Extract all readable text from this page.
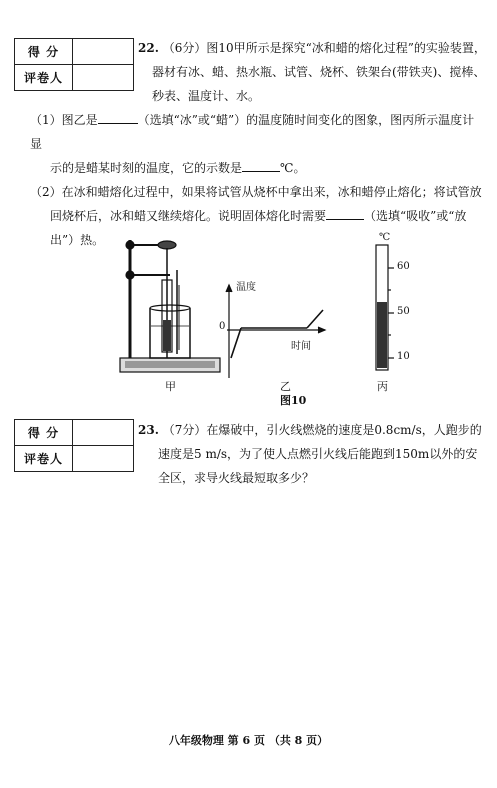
得 分	
评卷人	
22. （6分）图10甲所示是探究“冰和蜡的熔化过程”的实验装置，
器材有冰、蜡、热水瓶、试管、烧杯、铁架台(带铁夹)、搅棒、
秒表、温度计、水。
（1）图乙是	（选填“冰”或“蜡”）的温度随时间变化的图象，图丙所示温度计显
示的是蜡某时刻的温度，它的示数是	℃。
（2）在冰和蜡熔化过程中，如果将试管从烧杯中拿出来，冰和蜡停止熔化；将试管放
回烧杯后，冰和蜡又继续熔化。说明固体熔化时需要	（选填“吸收”或“放
出”）热。
甲	乙	丙
温度
时间
0
℃
60
50
10
图10
得 分	
评卷人	
23. （7分）在爆破中，引火线燃烧的速度是0.8cm/s，人跑步的
速度是5 m/s，为了使人点燃引火线后能跑到150m以外的安
全区，求导火线最短取多少？
八年级物理 第 6 页 （共 8 页）
